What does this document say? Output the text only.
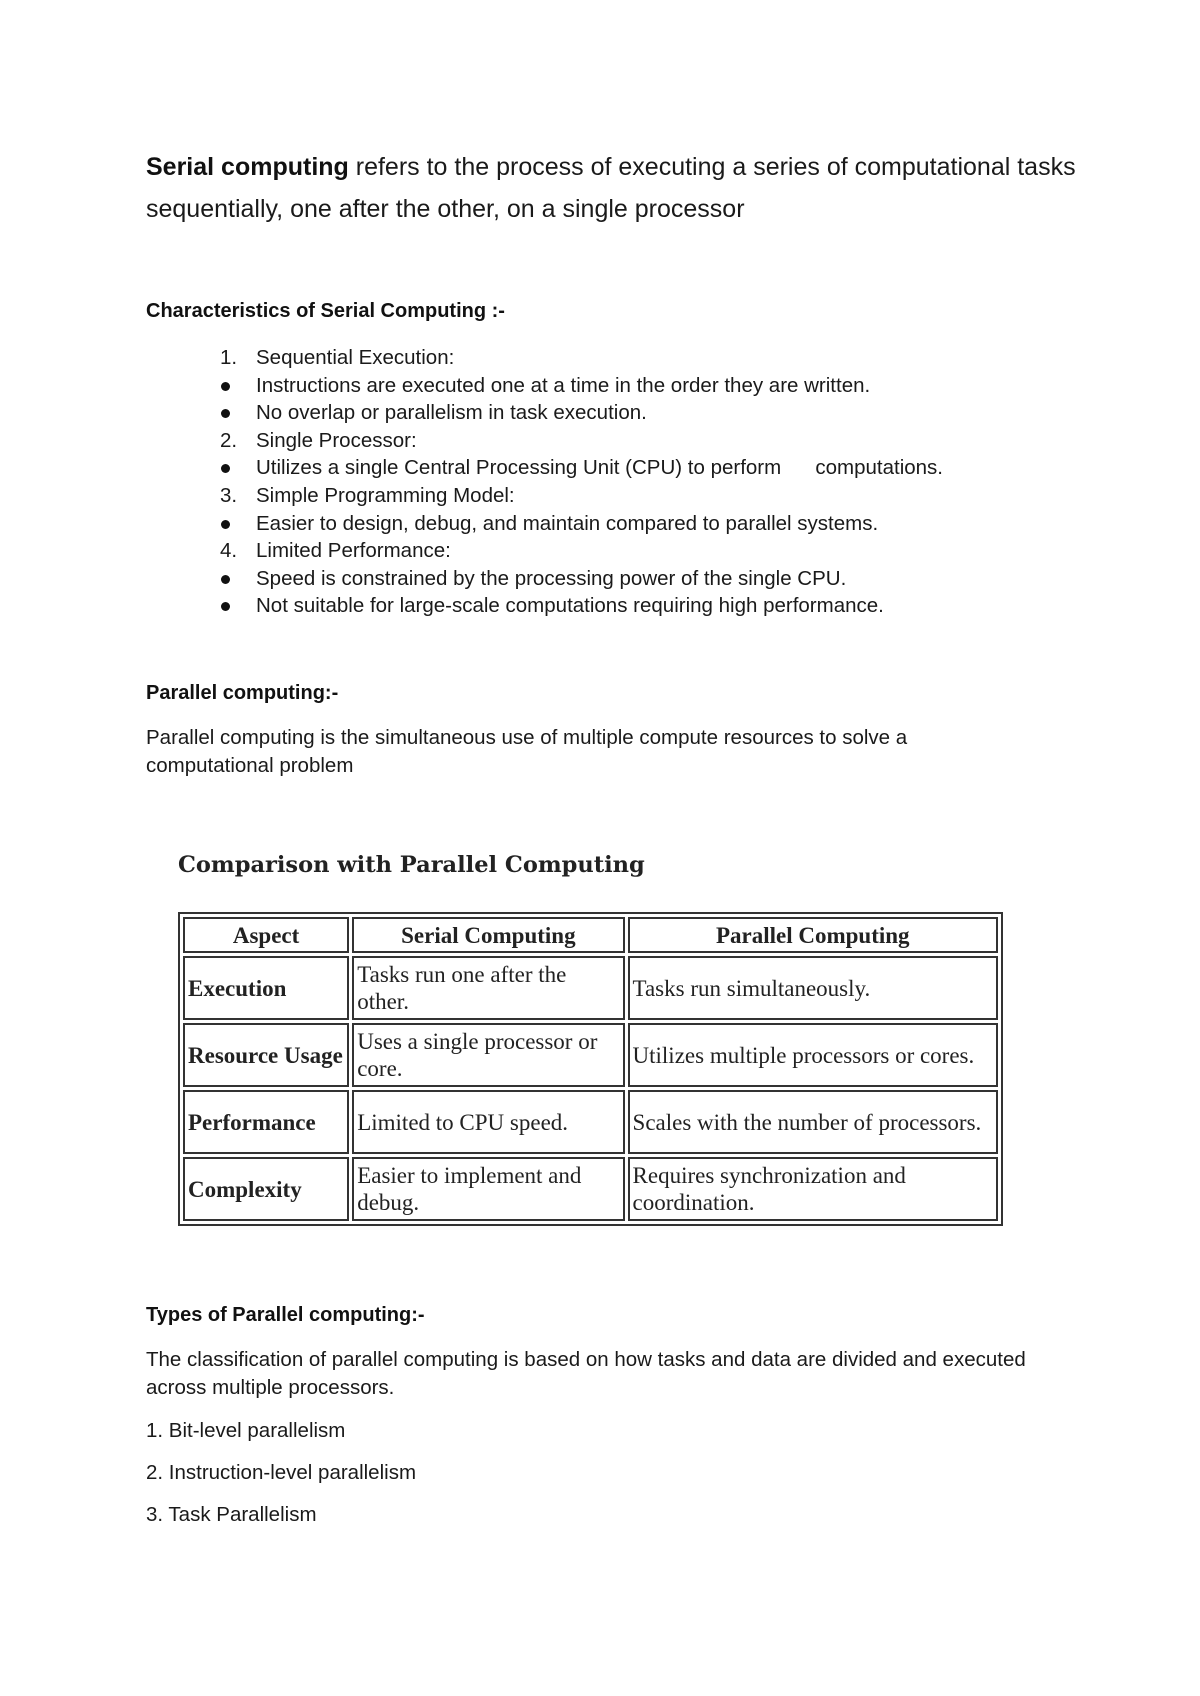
Serial computing refers to the process of executing a series of computational tasks sequentially, one after the other, on a single processor
Characteristics of Serial Computing :-
1. Sequential Execution:
Instructions are executed one at a time in the order they are written.
No overlap or parallelism in task execution.
2. Single Processor:
Utilizes a single Central Processing Unit (CPU) to perform      computations.
3. Simple Programming Model:
Easier to design, debug, and maintain compared to parallel systems.
4. Limited Performance:
Speed is constrained by the processing power of the single CPU.
Not suitable for large-scale computations requiring high performance.
Parallel computing:-
Parallel computing is the simultaneous use of multiple compute resources to solve a computational problem
Comparison with Parallel Computing
Aspect	Serial Computing	Parallel Computing
Execution	Tasks run one after the other.	Tasks run simultaneously.
Resource Usage	Uses a single processor or core.	Utilizes multiple processors or cores.
Performance	Limited to CPU speed.	Scales with the number of processors.
Complexity	Easier to implement and debug.	Requires synchronization and coordination.
Types of Parallel computing:-
The classification of parallel computing is based on how tasks and data are divided and executed across multiple processors.
1. Bit-level parallelism
2. Instruction-level parallelism
3. Task Parallelism
